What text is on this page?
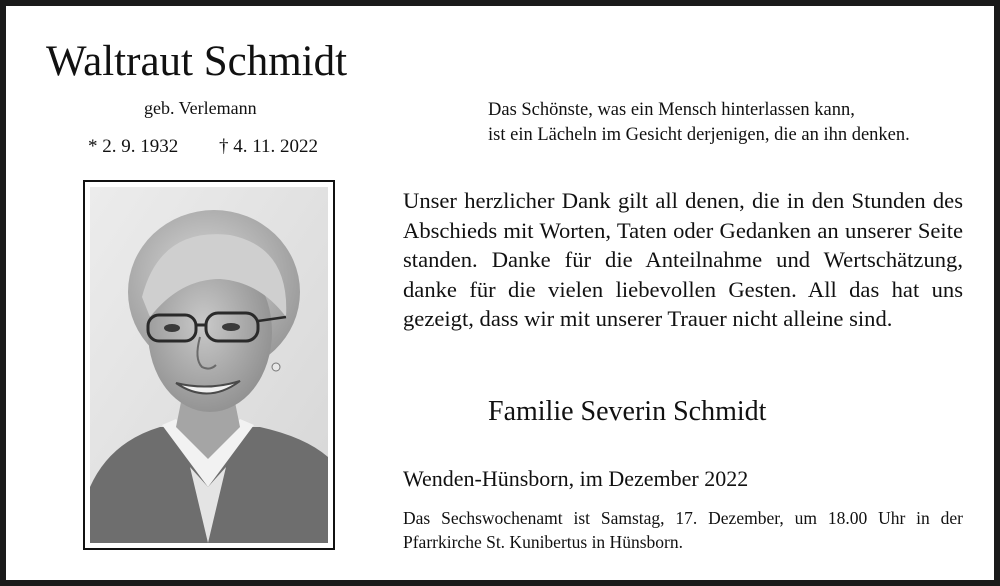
Waltraut Schmidt
geb. Verlemann
* 2. 9. 1932 † 4. 11. 2022
Das Schönste, was ein Mensch hinterlassen kann,
ist ein Lächeln im Gesicht derjenigen, die an ihn denken.

Unser herzlicher Dank gilt all denen, die in den Stunden des Abschieds mit Worten, Taten oder Gedanken an unserer Seite standen. Danke für die Anteilnahme und Wertschätzung, danke für die vielen liebevollen Gesten. All das hat uns gezeigt, dass wir mit unserer Trauer nicht alleine sind.

Familie Severin Schmidt
Wenden-Hünsborn, im Dezember 2022

Das Sechswochenamt ist Samstag, 17. Dezember, um 18.00 Uhr in der Pfarrkirche St. Kunibertus in Hünsborn.
